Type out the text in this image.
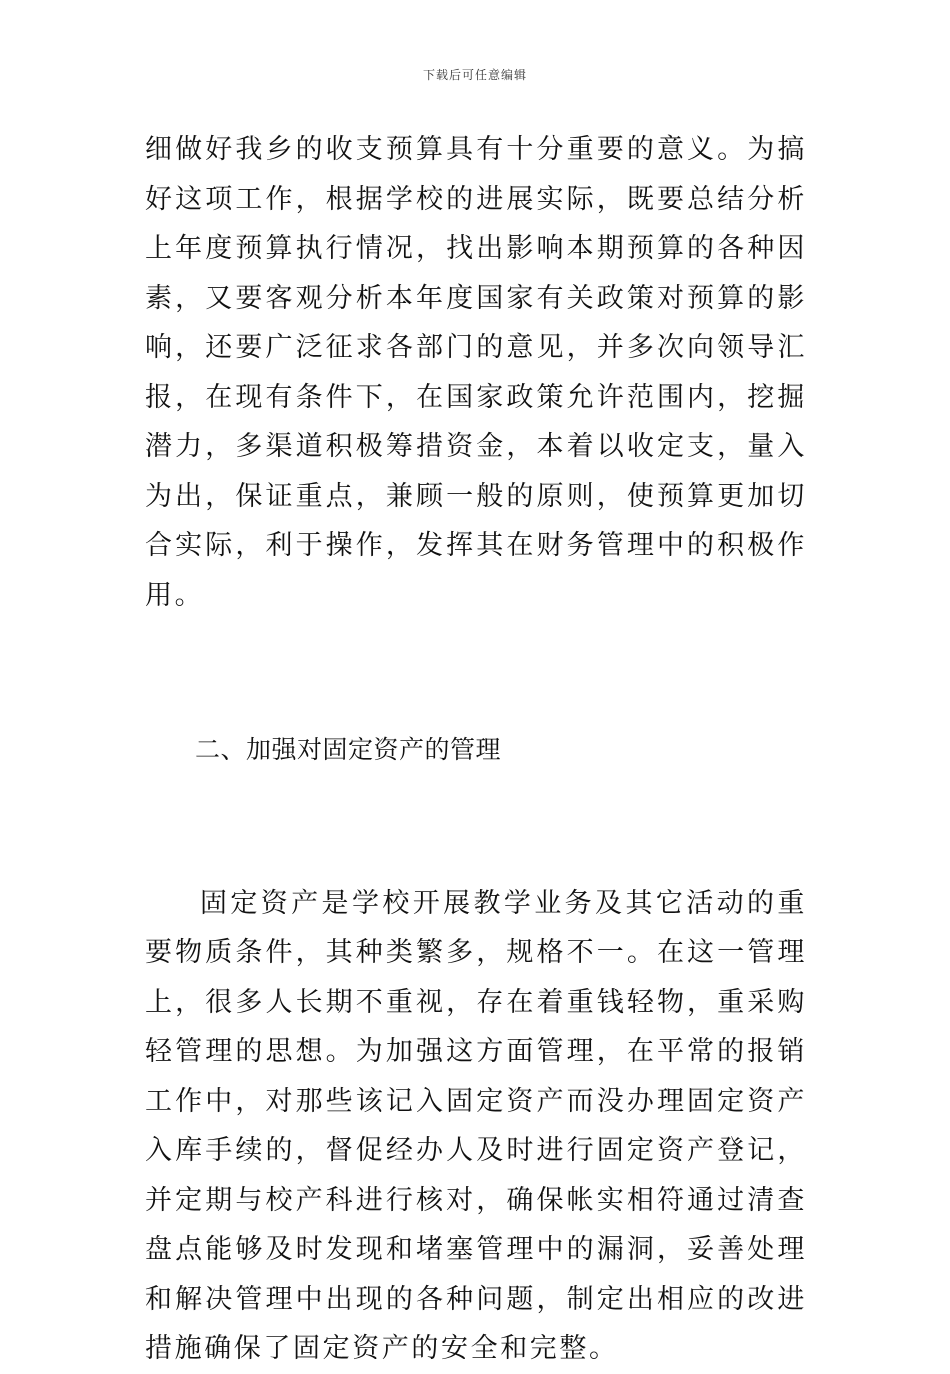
下载后可任意编辑

细做好我乡的收支预算具有十分重要的意义。为搞好这项工作，根据学校的进展实际，既要总结分析上年度预算执行情况，找出影响本期预算的各种因素，又要客观分析本年度国家有关政策对预算的影响，还要广泛征求各部门的意见，并多次向领导汇报，在现有条件下，在国家政策允许范围内，挖掘潜力，多渠道积极筹措资金，本着以收定支，量入为出，保证重点，兼顾一般的原则，使预算更加切合实际，利于操作，发挥其在财务管理中的积极作用。

二、加强对固定资产的管理

固定资产是学校开展教学业务及其它活动的重要物质条件，其种类繁多，规格不一。在这一管理上，很多人长期不重视，存在着重钱轻物，重采购轻管理的思想。为加强这方面管理，在平常的报销工作中，对那些该记入固定资产而没办理固定资产入库手续的，督促经办人及时进行固定资产登记，并定期与校产科进行核对，确保帐实相符通过清查盘点能够及时发现和堵塞管理中的漏洞，妥善处理和解决管理中出现的各种问题，制定出相应的改进措施确保了固定资产的安全和完整。
